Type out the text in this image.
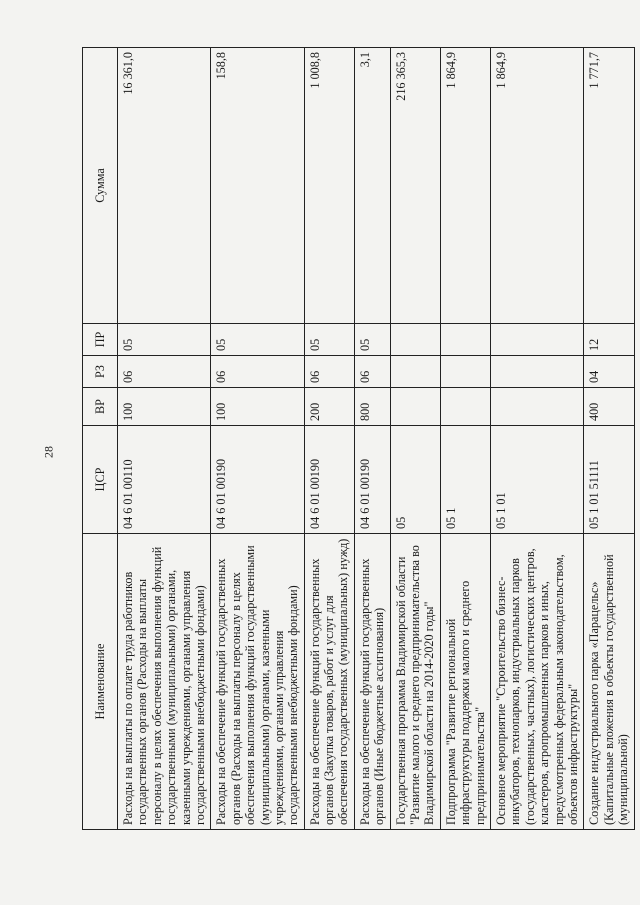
28
Наименование	ЦСР	ВР	РЗ	ПР	Сумма
Расходы на выплаты по оплате труда работников государственных органов (Расходы на выплаты персоналу в целях обеспечения выполнения функций государственными (муниципальными) органами, казенными учреждениями, органами управления государственными внебюджетными фондами)	04 6 01 00110	100	06	05	16 361,0
Расходы на обеспечение функций государственных органов (Расходы на выплаты персоналу в целях обеспечения выполнения функций государственными (муниципальными) органами, казенными учреждениями, органами управления государственными внебюджетными фондами)	04 6 01 00190	100	06	05	158,8
Расходы на обеспечение функций государственных органов (Закупка товаров, работ и услуг для обеспечения государственных (муниципальных) нужд)	04 6 01 00190	200	06	05	1 008,8
Расходы на обеспечение функций государственных органов (Иные бюджетные ассигнования)	04 6 01 00190	800	06	05	3,1
Государственная программа Владимирской области "Развитие малого и среднего предпринимательства во Владимирской области на 2014-2020 годы"	05				216 365,3
Подпрограмма "Развитие региональной инфраструктуры поддержки малого и среднего предпринимательства"	05 1				1 864,9
Основное мероприятие "Строительство бизнес-инкубаторов, технопарков, индустриальных парков (государственных, частных), логистических центров, кластеров, агропромышленных парков и иных, предусмотренных федеральным законодательством, объектов инфраструктуры"	05 1 01				1 864,9
Создание индустриального парка «Парацельс» (Капитальные вложения в объекты государственной (муниципальной)	05 1 01 51111	400	04	12	1 771,7
